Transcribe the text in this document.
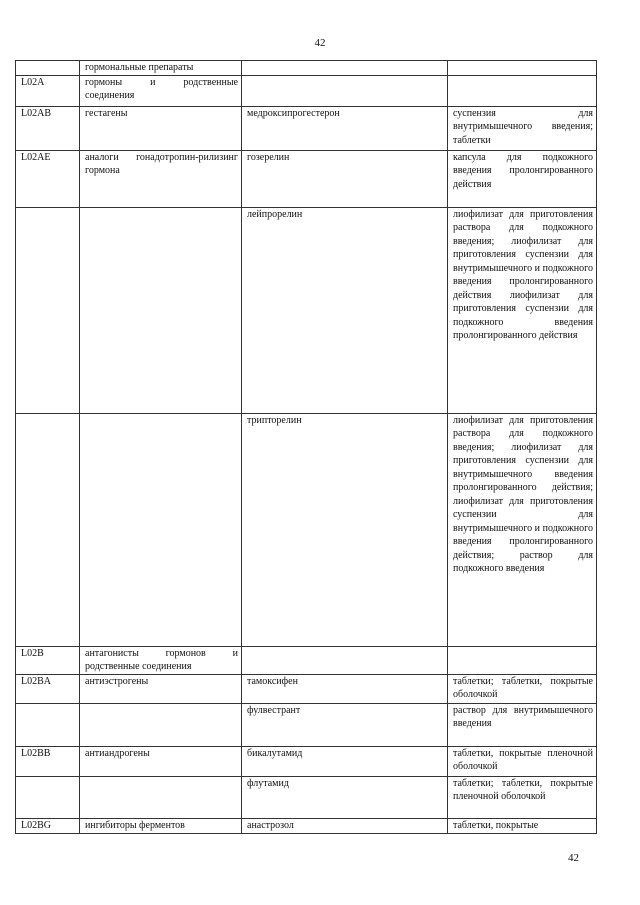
42
	гормональные препараты		
L02A	гормоны и родственные соединения		
L02AB	гестагены	медроксипрогестерон	суспензия для внутримышечного введения; таблетки
L02AE	аналоги гонадотропин-рилизинг гормона	гозерелин	капсула для подкожного введения пролонгированного действия
		лейпрорелин	лиофилизат для приготовления раствора для подкожного введения; лиофилизат для приготовления суспензии для внутримышечного и подкожного введения пролонгированного действия лиофилизат для приготовления суспензии для подкожного введения пролонгированного действия
		трипторелин	лиофилизат для приготовления раствора для подкожного введения; лиофилизат для приготовления суспензии для внутримышечного введения пролонгированного действия; лиофилизат для приготовления суспензии для внутримышечного и подкожного введения пролонгированного действия; раствор для подкожного введения
L02B	антагонисты гормонов и родственные соединения		
L02BA	антиэстрогены	тамоксифен	таблетки; таблетки, покрытые оболочкой
		фулвестрант	раствор для внутримышечного введения
L02BB	антиандрогены	бикалутамид	таблетки, покрытые пленочной оболочкой
		флутамид	таблетки; таблетки, покрытые пленочной оболочкой
L02BG	ингибиторы ферментов	анастрозол	таблетки, покрытые
42
